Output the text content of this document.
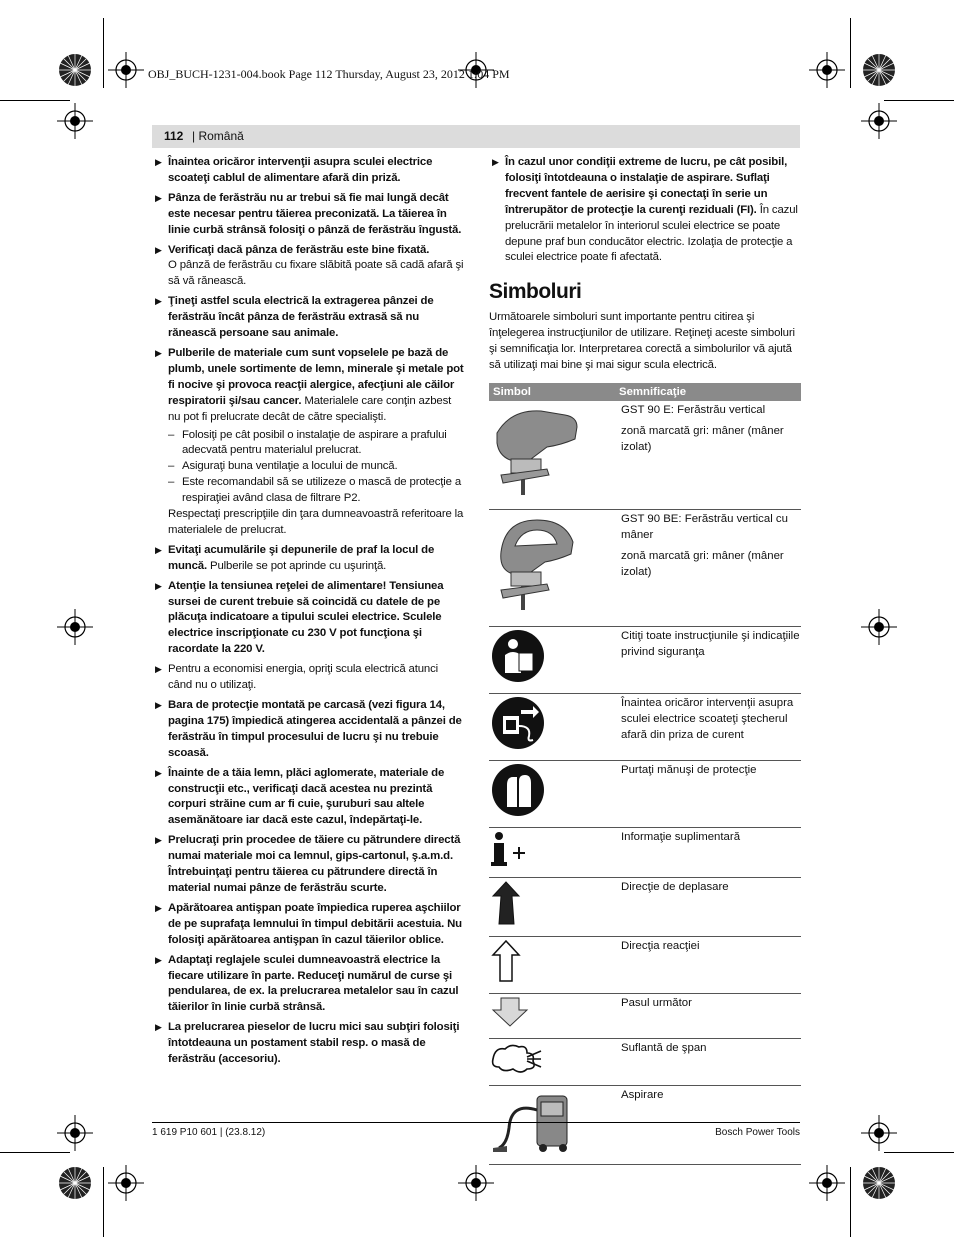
OBJ_BUCH-1231-004.book Page 112 Thursday, August 23, 2012 1:04 PM
112 | Română
▶ Înaintea oricăror intervenţii asupra sculei electrice scoateţi cablul de alimentare afară din priză.
▶ Pânza de ferăstrău nu ar trebui să fie mai lungă decât este necesar pentru tăierea preconizată. La tăierea în linie curbă strânsă folosiţi o pânză de ferăstrău îngustă.
▶ Verificaţi dacă pânza de ferăstrău este bine fixată.
O pânză de ferăstrău cu fixare slăbită poate să cadă afară şi să vă rănească.
▶ Ţineţi astfel scula electrică la extragerea pânzei de ferăstrău încât pânza de ferăstrău extrasă să nu rănească persoane sau animale.
▶ Pulberile de materiale cum sunt vopselele pe bază de plumb, unele sortimente de lemn, minerale şi metale pot fi nocive şi provoca reacţii alergice, afecţiuni ale căilor respiratorii şi/sau cancer. Materialele care conţin azbest nu pot fi prelucrate decât de către specialişti.
– Folosiţi pe cât posibil o instalaţie de aspirare a prafului adecvată pentru materialul prelucrat.
– Asiguraţi buna ventilaţie a locului de muncă.
– Este recomandabil să se utilizeze o mască de protecţie a respiraţiei având clasa de filtrare P2.
Respectaţi prescripţiile din ţara dumneavoastră referitoare la materialele de prelucrat.
▶ Evitaţi acumulările şi depunerile de praf la locul de muncă. Pulberile se pot aprinde cu uşurinţă.
▶ Atenţie la tensiunea reţelei de alimentare! Tensiunea sursei de curent trebuie să coincidă cu datele de pe plăcuţa indicatoare a tipului sculei electrice. Sculele electrice inscripţionate cu 230 V pot funcţiona şi racordate la 220 V.
▶ Pentru a economisi energia, opriţi scula electrică atunci când nu o utilizaţi.
▶ Bara de protecţie montată pe carcasă (vezi figura 14, pagina 175) împiedică atingerea accidentală a pânzei de ferăstrău în timpul procesului de lucru şi nu trebuie scoasă.
▶ Înainte de a tăia lemn, plăci aglomerate, materiale de construcţii etc., verificaţi dacă acestea nu prezintă corpuri străine cum ar fi cuie, şuruburi sau altele asemănătoare iar dacă este cazul, îndepărtaţi-le.
▶ Prelucraţi prin procedee de tăiere cu pătrundere directă numai materiale moi ca lemnul, gips-cartonul, ş.a.m.d. Întrebuinţaţi pentru tăierea cu pătrundere directă în material numai pânze de ferăstrău scurte.
▶ Apărătoarea antişpan poate împiedica ruperea aşchiilor de pe suprafaţa lemnului în timpul debitării acestuia. Nu folosiţi apărătoarea antişpan în cazul tăierilor oblice.
▶ Adaptaţi reglajele sculei dumneavoastră electrice la fiecare utilizare în parte. Reduceţi numărul de curse şi pendularea, de ex. la prelucrarea metalelor sau în cazul tăierilor în linie curbă strânsă.
▶ La prelucrarea pieselor de lucru mici sau subţiri folosiţi întotdeauna un postament stabil resp. o masă de ferăstrău (accesoriu).
▶ În cazul unor condiţii extreme de lucru, pe cât posibil, folosiţi întotdeauna o instalaţie de aspirare. Suflaţi frecvent fantele de aerisire şi conectaţi în serie un întrerupător de protecţie la curenţi reziduali (FI). În cazul prelucrării metalelor în interiorul sculei electrice se poate depune praf bun conducător electric. Izolaţia de protecţie a sculei electrice poate fi afectată.
Simboluri
Următoarele simboluri sunt importante pentru citirea şi înţelegerea instrucţiunilor de utilizare. Reţineţi aceste simboluri şi semnificaţia lor. Interpretarea corectă a simbolurilor vă ajută să utilizaţi mai bine şi mai sigur scula electrică.
Simbol	Semnificaţie

GST 90 E: Ferăstrău vertical
zonă marcată gri: mâner (mâner izolat)

GST 90 BE: Ferăstrău vertical cu mâner
zonă marcată gri: mâner (mâner izolat)

Citiţi toate instrucţiunile şi indicaţiile privind siguranţa

Înaintea oricăror intervenţii asupra sculei electrice scoateţi ştecherul afară din priza de curent

Purtaţi mănuşi de protecţie

Informaţie suplimentară

Direcţie de deplasare

Direcţia reacţiei

Pasul următor

Suflantă de şpan

Aspirare
1 619 P10 601 | (23.8.12)	Bosch Power Tools
